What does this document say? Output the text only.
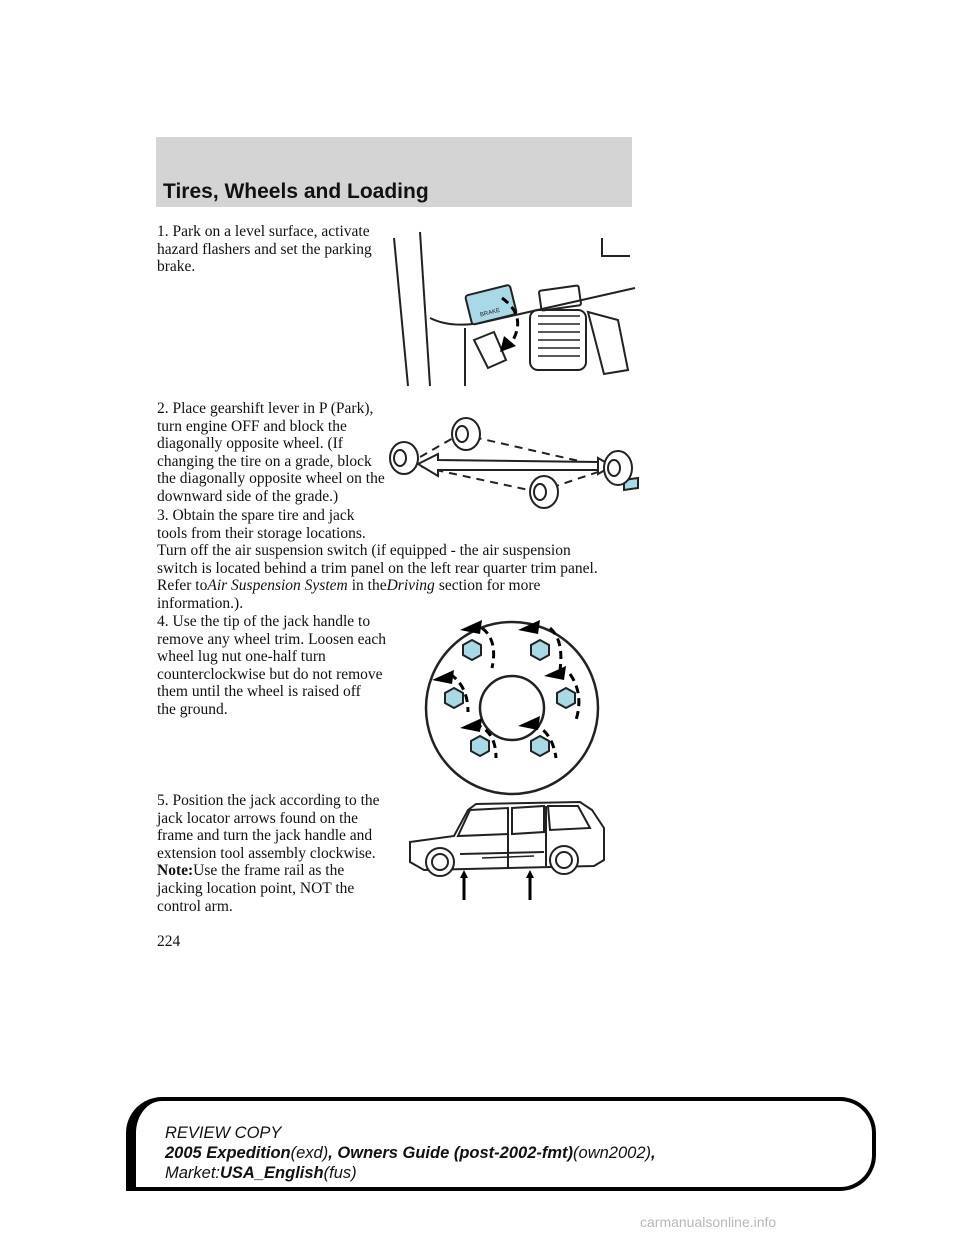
Tires, Wheels and Loading
1. Park on a level surface, activate
hazard flashers and set the parking
brake.
BRAKE
2. Place gearshift lever in P (Park),
turn engine OFF and block the
diagonally opposite wheel. (If
changing the tire on a grade, block
the diagonally opposite wheel on the
downward side of the grade.)
3. Obtain the spare tire and jack
tools from their storage locations.
Turn off the air suspension switch (if equipped - the air suspension
switch is located behind a trim panel on the left rear quarter trim panel.
Refer toAir Suspension System in theDriving section for more
information.).
4. Use the tip of the jack handle to
remove any wheel trim. Loosen each
wheel lug nut one-half turn
counterclockwise but do not remove
them until the wheel is raised off
the ground.
5. Position the jack according to the
jack locator arrows found on the
frame and turn the jack handle and
extension tool assembly clockwise.
Note:Use the frame rail as the
jacking location point, NOT the
control arm.
224
REVIEW COPY
2005 Expedition(exd), Owners Guide (post-2002-fmt)(own2002),
Market:USA_English(fus)
carmanualsonline.info
